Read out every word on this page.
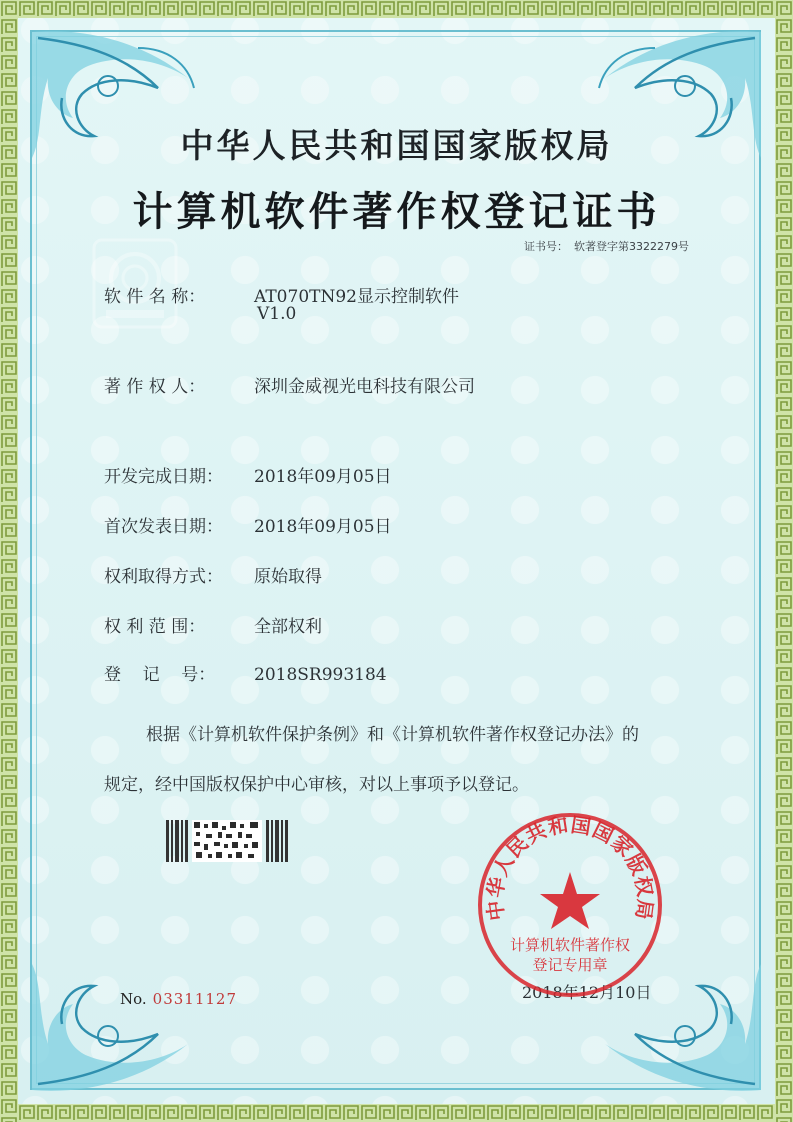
中华人民共和国国家版权局
计算机软件著作权登记证书
证书号： 软著登字第3322279号
软 件 名 称：	AT070TN92显示控制软件
V1.0
著 作 权 人：	深圳金威视光电科技有限公司
开发完成日期： 2018年09月05日
首次发表日期： 2018年09月05日
权利取得方式： 原始取得
权 利 范 围：	全部权利
登    记    号： 2018SR993184
根据《计算机软件保护条例》和《计算机软件著作权登记办法》的
规定，经中国版权保护中心审核，对以上事项予以登记。
No. 03311127	2018年12月10日
中华人民共和国国家版权局
计算机软件著作权
登记专用章
